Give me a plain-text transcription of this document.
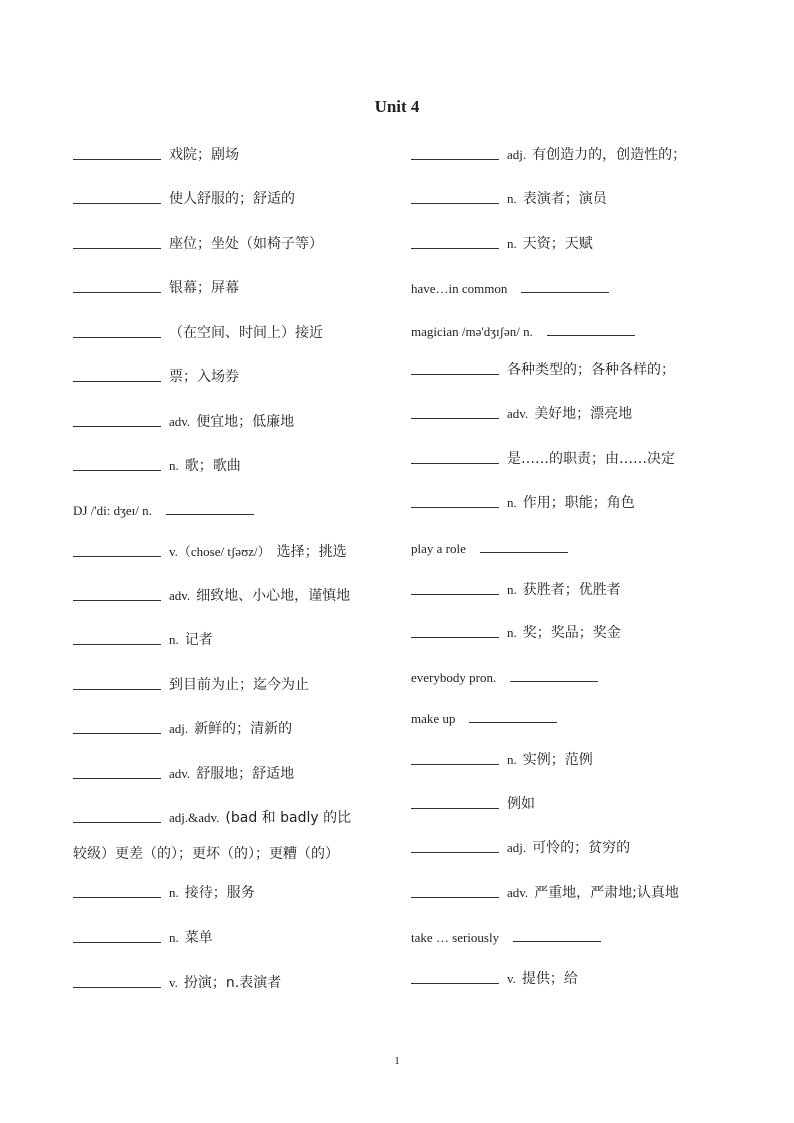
Unit 4
戏院；剧场
使人舒服的；舒适的
座位；坐处（如椅子等）
银幕；屏幕
（在空间、时间上）接近
票；入场券
adv. 便宜地；低廉地
n. 歌；歌曲
DJ /'di: dʒeɪ/ n.
v.（chose/ tʃəʊz/） 选择；挑选
adv. 细致地、小心地，谨慎地
n. 记者
到目前为止；迄今为止
adj. 新鲜的；清新的
adv. 舒服地；舒适地
adj.&adv. (bad 和 badly 的比
较级）更差（的）；更坏（的）；更糟（的）
n. 接待；服务
n. 菜单
v. 扮演；n.表演者
adj. 有创造力的，创造性的；
n. 表演者；演员
n. 天资；天赋
have…in common
magician /mə'dʒɪʃən/ n.
各种类型的；各种各样的；
adv. 美好地；漂亮地
是……的职责；由……决定
n. 作用；职能；角色
play a role
n. 获胜者；优胜者
n. 奖；奖品；奖金
everybody pron.
make up
n. 实例；范例
例如
adj. 可怜的；贫穷的
adv. 严重地，严肃地;认真地
take … seriously
v. 提供；给
1
